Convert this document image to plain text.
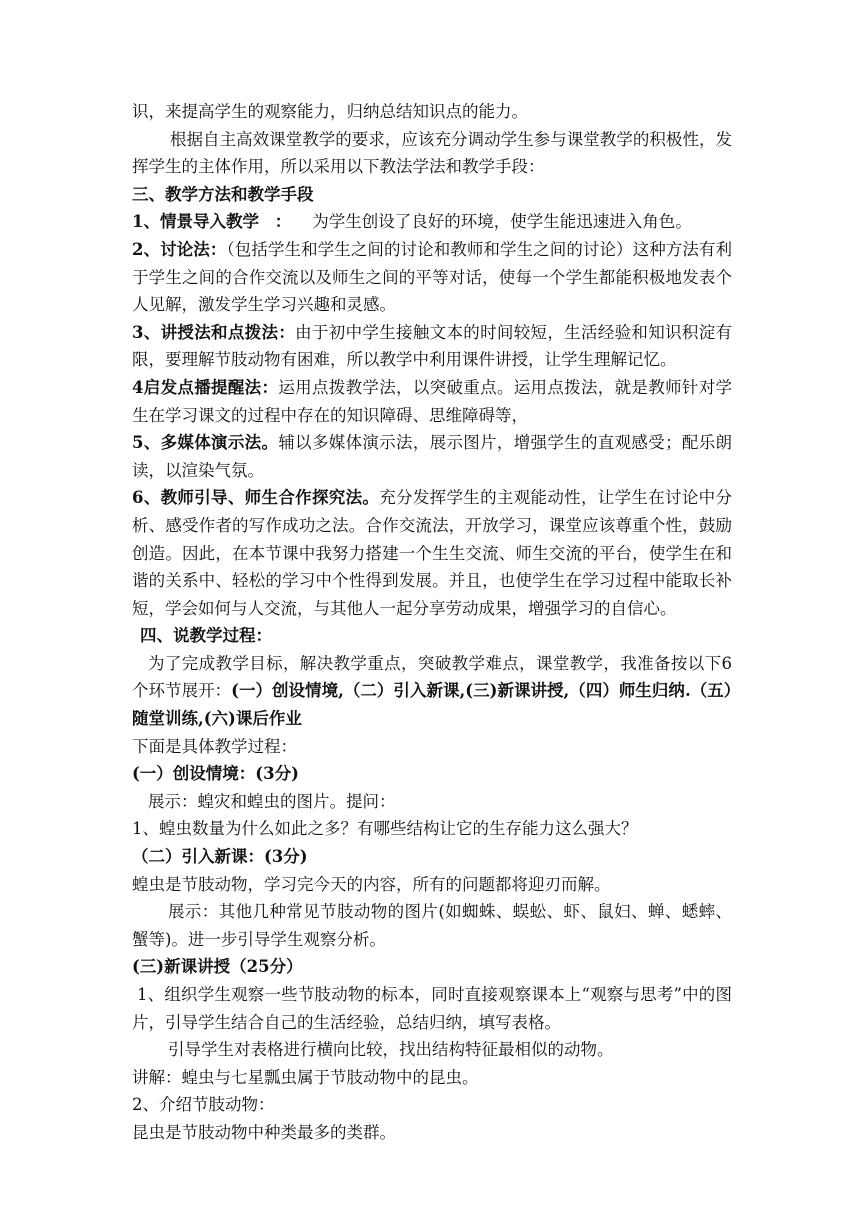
识，来提高学生的观察能力，归纳总结知识点的能力。

根据自主高效课堂教学的要求，应该充分调动学生参与课堂教学的积极性，发挥学生的主体作用，所以采用以下教法学法和教学手段：

三、教学方法和教学手段

1、情景导入教学 ： 为学生创设了良好的环境，使学生能迅速进入角色。

2、讨论法：（包括学生和学生之间的讨论和教师和学生之间的讨论）这种方法有利于学生之间的合作交流以及师生之间的平等对话，使每一个学生都能积极地发表个人见解，激发学生学习兴趣和灵感。

3、讲授法和点拨法：由于初中学生接触文本的时间较短，生活经验和知识积淀有限，要理解节肢动物有困难，所以教学中利用课件讲授，让学生理解记忆。

4启发点播提醒法：运用点拨教学法，以突破重点。运用点拨法，就是教师针对学生在学习课文的过程中存在的知识障碍、思维障碍等，

5、多媒体演示法。辅以多媒体演示法，展示图片，增强学生的直观感受；配乐朗读，以渲染气氛。

6、教师引导、师生合作探究法。充分发挥学生的主观能动性，让学生在讨论中分析、感受作者的写作成功之法。合作交流法，开放学习，课堂应该尊重个性，鼓励创造。因此，在本节课中我努力搭建一个生生交流、师生交流的平台，使学生在和谐的关系中、轻松的学习中个性得到发展。并且，也使学生在学习过程中能取长补短，学会如何与人交流，与其他人一起分享劳动成果，增强学习的自信心。

四、说教学过程：

为了完成教学目标，解决教学重点，突破教学难点，课堂教学，我准备按以下6个环节展开：(一）创设情境,（二）引入新课,(三)新课讲授,（四）师生归纳.（五）随堂训练,(六)课后作业

下面是具体教学过程：

(一）创设情境：(3分)

展示：蝗灾和蝗虫的图片。提问：

1、蝗虫数量为什么如此之多？有哪些结构让它的生存能力这么强大？

（二）引入新课：(3分)

蝗虫是节肢动物，学习完今天的内容，所有的问题都将迎刃而解。

展示：其他几种常见节肢动物的图片(如蜘蛛、蜈蚣、虾、鼠妇、蝉、蟋蟀、蟹等)。进一步引导学生观察分析。

(三)新课讲授（25分）

1、组织学生观察一些节肢动物的标本，同时直接观察课本上“观察与思考”中的图片，引导学生结合自己的生活经验，总结归纳，填写表格。

引导学生对表格进行横向比较，找出结构特征最相似的动物。

讲解：蝗虫与七星瓢虫属于节肢动物中的昆虫。

2、介绍节肢动物：

昆虫是节肢动物中种类最多的类群。
